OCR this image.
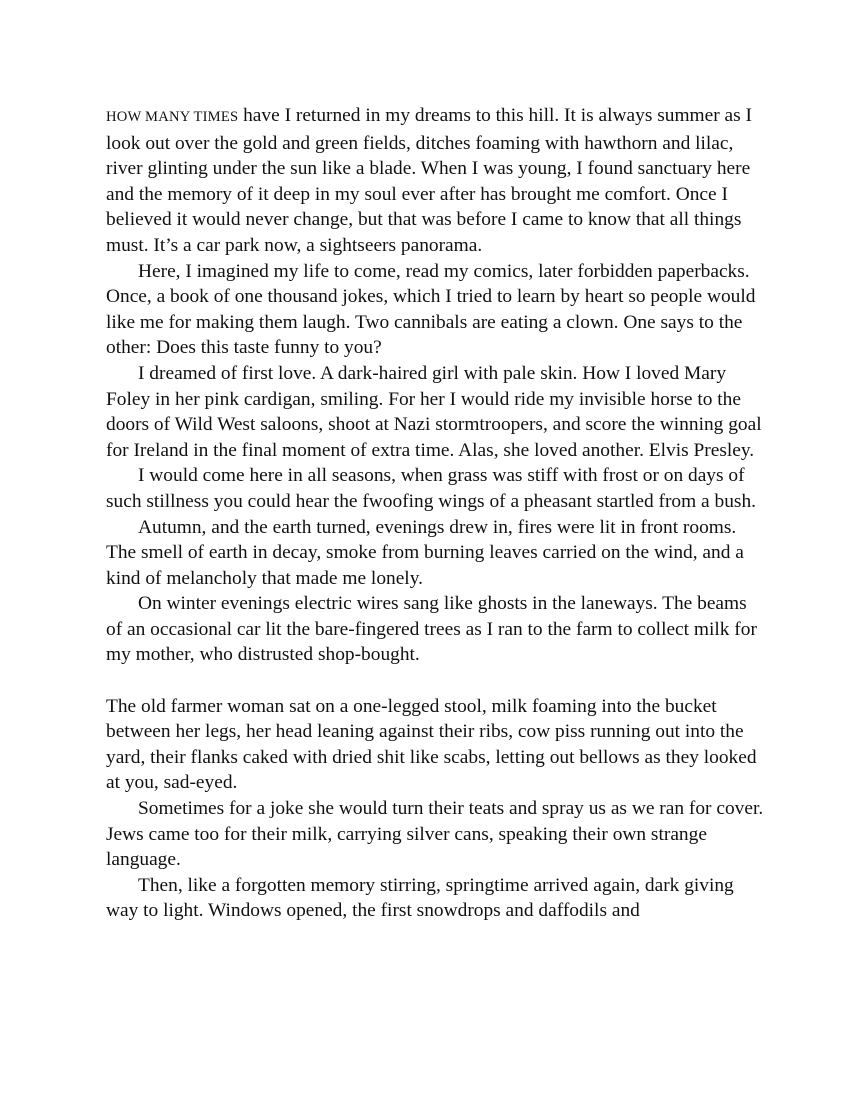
HOW MANY TIMES have I returned in my dreams to this hill. It is always summer as I look out over the gold and green fields, ditches foaming with hawthorn and lilac, river glinting under the sun like a blade. When I was young, I found sanctuary here and the memory of it deep in my soul ever after has brought me comfort. Once I believed it would never change, but that was before I came to know that all things must. It’s a car park now, a sightseers panorama.

Here, I imagined my life to come, read my comics, later forbidden paperbacks. Once, a book of one thousand jokes, which I tried to learn by heart so people would like me for making them laugh. Two cannibals are eating a clown. One says to the other: Does this taste funny to you?

I dreamed of first love. A dark-haired girl with pale skin. How I loved Mary Foley in her pink cardigan, smiling. For her I would ride my invisible horse to the doors of Wild West saloons, shoot at Nazi stormtroopers, and score the winning goal for Ireland in the final moment of extra time. Alas, she loved another. Elvis Presley.

I would come here in all seasons, when grass was stiff with frost or on days of such stillness you could hear the fwoofing wings of a pheasant startled from a bush.

Autumn, and the earth turned, evenings drew in, fires were lit in front rooms. The smell of earth in decay, smoke from burning leaves carried on the wind, and a kind of melancholy that made me lonely.

On winter evenings electric wires sang like ghosts in the laneways. The beams of an occasional car lit the bare-fingered trees as I ran to the farm to collect milk for my mother, who distrusted shop-bought.

The old farmer woman sat on a one-legged stool, milk foaming into the bucket between her legs, her head leaning against their ribs, cow piss running out into the yard, their flanks caked with dried shit like scabs, letting out bellows as they looked at you, sad-eyed.

Sometimes for a joke she would turn their teats and spray us as we ran for cover. Jews came too for their milk, carrying silver cans, speaking their own strange language.

Then, like a forgotten memory stirring, springtime arrived again, dark giving way to light. Windows opened, the first snowdrops and daffodils and
